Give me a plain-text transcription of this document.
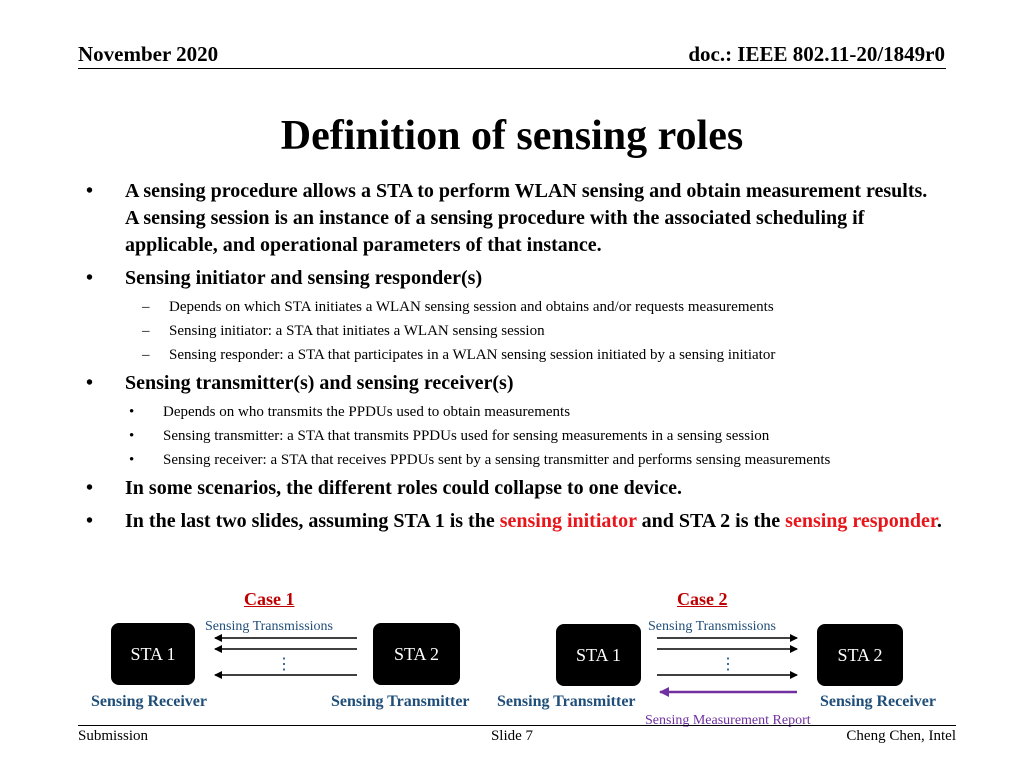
November 2020	doc.: IEEE 802.11-20/1849r0
Definition of sensing roles
• A sensing procedure allows a STA to perform WLAN sensing and obtain measurement results. A sensing session is an instance of a sensing procedure with the associated scheduling if applicable, and operational parameters of that instance.
• Sensing initiator and sensing responder(s)
– Depends on which STA initiates a WLAN sensing session and obtains and/or requests measurements
– Sensing initiator: a STA that initiates a WLAN sensing session
– Sensing responder: a STA that participates in a WLAN sensing session initiated by a sensing initiator
• Sensing transmitter(s) and sensing receiver(s)
• Depends on who transmits the PPDUs used to obtain measurements
• Sensing transmitter: a STA that transmits PPDUs used for sensing measurements in a sensing session
• Sensing receiver: a STA that receives PPDUs sent by a sensing transmitter and performs sensing measurements
• In some scenarios, the different roles could collapse to one device.
• In the last two slides, assuming STA 1 is the sensing initiator and STA 2 is the sensing responder.
Case 1
Sensing Transmissions
STA 1	STA 2
⋮
Sensing Receiver	Sensing Transmitter
Case 2
Sensing Transmissions
STA 1	STA 2
⋮
Sensing Transmitter	Sensing Receiver
Sensing Measurement Report
Submission	Slide 7	Cheng Chen, Intel
